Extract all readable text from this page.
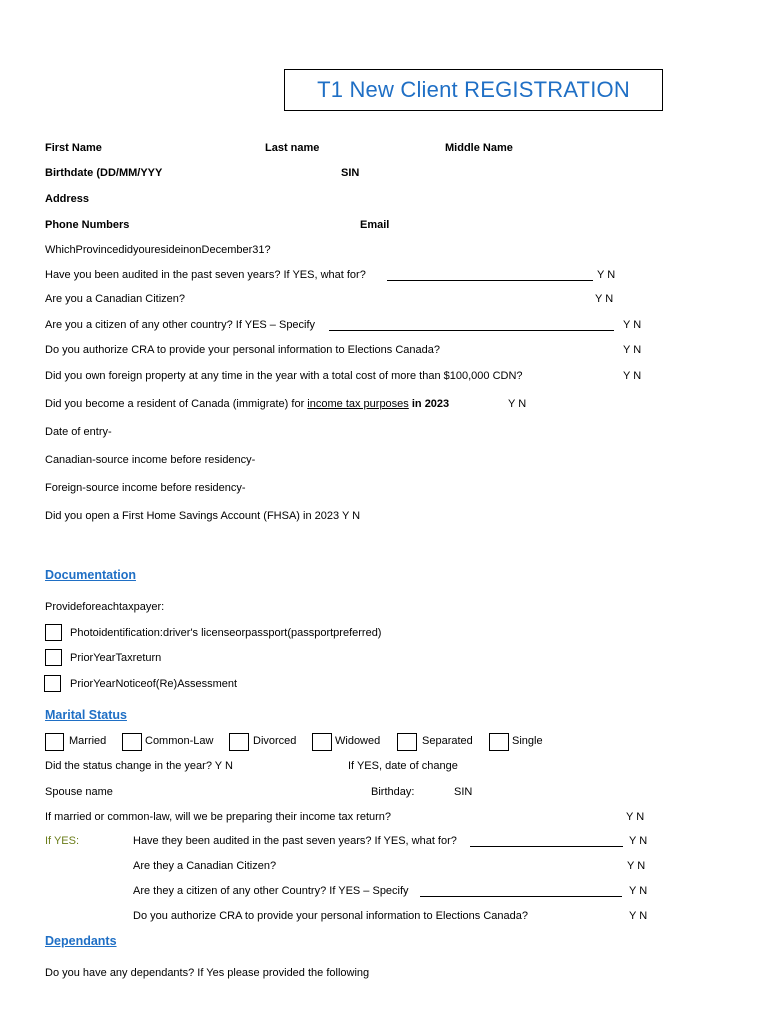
T1 New Client REGISTRATION
First Name	Last name	Middle Name
Birthdate (DD/MM/YYY	SIN
Address
Phone Numbers	Email
WhichProvincedidyouresideinonDecember31?
Have you been audited in the past seven years? If YES, what for?	Y N
Are you a Canadian Citizen?	Y N
Are you a citizen of any other country? If YES – Specify	Y N
Do you authorize CRA to provide your personal information to Elections Canada?	Y N
Did you own foreign property at any time in the year with a total cost of more than $100,000 CDN?	Y N
Did you become a resident of Canada (immigrate) for income tax purposes in 2023	Y N
Date of entry-
Canadian-source income before residency-
Foreign-source income before residency-
Did you open a First Home Savings Account (FHSA) in 2023 Y N
Documentation
Provideforeachtaxpayer:
Photoidentification:driver's licenseorpassport(passportpreferred)
PriorYearTaxreturn
PriorYearNoticeof(Re)Assessment
Marital Status
Married	Common-Law	Divorced	Widowed	Separated	Single
Did the status change in the year? Y N	If YES, date of change
Spouse name	Birthday:	SIN
If married or common-law, will we be preparing their income tax return?	Y N
If YES:	Have they been audited in the past seven years? If YES, what for?	Y N
Are they a Canadian Citizen?	Y N
Are they a citizen of any other Country? If YES – Specify	Y N
Do you authorize CRA to provide your personal information to Elections Canada?	Y N
Dependants
Do you have any dependants? If Yes please provided the following
